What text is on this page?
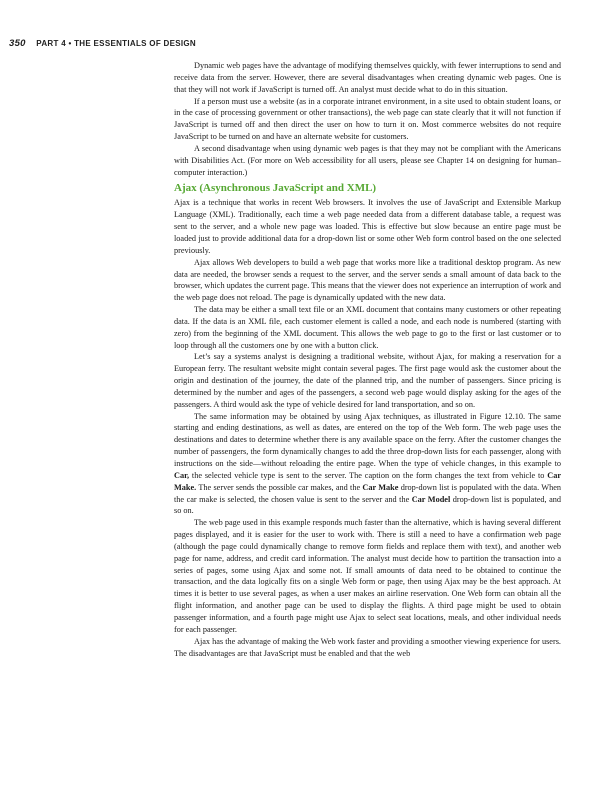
350 PART 4 • THE ESSENTIALS OF DESIGN

Dynamic web pages have the advantage of modifying themselves quickly, with fewer interruptions to send and receive data from the server. However, there are several disadvantages when creating dynamic web pages. One is that they will not work if JavaScript is turned off. An analyst must decide what to do in this situation.

If a person must use a website (as in a corporate intranet environment, in a site used to obtain student loans, or in the case of processing government or other transactions), the web page can state clearly that it will not function if JavaScript is turned off and then direct the user on how to turn it on. Most commerce websites do not require JavaScript to be turned on and have an alternate website for customers.

A second disadvantage when using dynamic web pages is that they may not be compliant with the Americans with Disabilities Act. (For more on Web accessibility for all users, please see Chapter 14 on designing for human–computer interaction.)

Ajax (Asynchronous JavaScript and XML)

Ajax is a technique that works in recent Web browsers. It involves the use of JavaScript and Extensible Markup Language (XML). Traditionally, each time a web page needed data from a different database table, a request was sent to the server, and a whole new page was loaded. This is effective but slow because an entire page must be loaded just to provide additional data for a drop-down list or some other Web form control based on the one selected previously.

Ajax allows Web developers to build a web page that works more like a traditional desktop program. As new data are needed, the browser sends a request to the server, and the server sends a small amount of data back to the browser, which updates the current page. This means that the viewer does not experience an interruption of work and the web page does not reload. The page is dynamically updated with the new data.

The data may be either a small text file or an XML document that contains many customers or other repeating data. If the data is an XML file, each customer element is called a node, and each node is numbered (starting with zero) from the beginning of the XML document. This allows the web page to go to the first or last customer or to loop through all the customers one by one with a button click.

Let’s say a systems analyst is designing a traditional website, without Ajax, for making a reservation for a European ferry. The resultant website might contain several pages. The first page would ask the customer about the origin and destination of the journey, the date of the planned trip, and the number of passengers. Since pricing is determined by the number and ages of the passengers, a second web page would display asking for the ages of the passengers. A third would ask the type of vehicle desired for land transportation, and so on.

The same information may be obtained by using Ajax techniques, as illustrated in Figure 12.10. The same starting and ending destinations, as well as dates, are entered on the top of the Web form. The web page uses the destinations and dates to determine whether there is any available space on the ferry. After the customer changes the number of passengers, the form dynamically changes to add the three drop-down lists for each passenger, along with instructions on the side—without reloading the entire page. When the type of vehicle changes, in this example to Car, the selected vehicle type is sent to the server. The caption on the form changes the text from vehicle to Car Make. The server sends the possible car makes, and the Car Make drop-down list is populated with the data. When the car make is selected, the chosen value is sent to the server and the Car Model drop-down list is populated, and so on.

The web page used in this example responds much faster than the alternative, which is having several different pages displayed, and it is easier for the user to work with. There is still a need to have a confirmation web page (although the page could dynamically change to remove form fields and replace them with text), and another web page for name, address, and credit card information. The analyst must decide how to partition the transaction into a series of pages, some using Ajax and some not. If small amounts of data need to be obtained to continue the transaction, and the data logically fits on a single Web form or page, then using Ajax may be the best approach. At times it is better to use several pages, as when a user makes an airline reservation. One Web form can obtain all the flight information, and another page can be used to display the flights. A third page might be used to obtain passenger information, and a fourth page might use Ajax to select seat locations, meals, and other individual needs for each passenger.

Ajax has the advantage of making the Web work faster and providing a smoother viewing experience for users. The disadvantages are that JavaScript must be enabled and that the web
